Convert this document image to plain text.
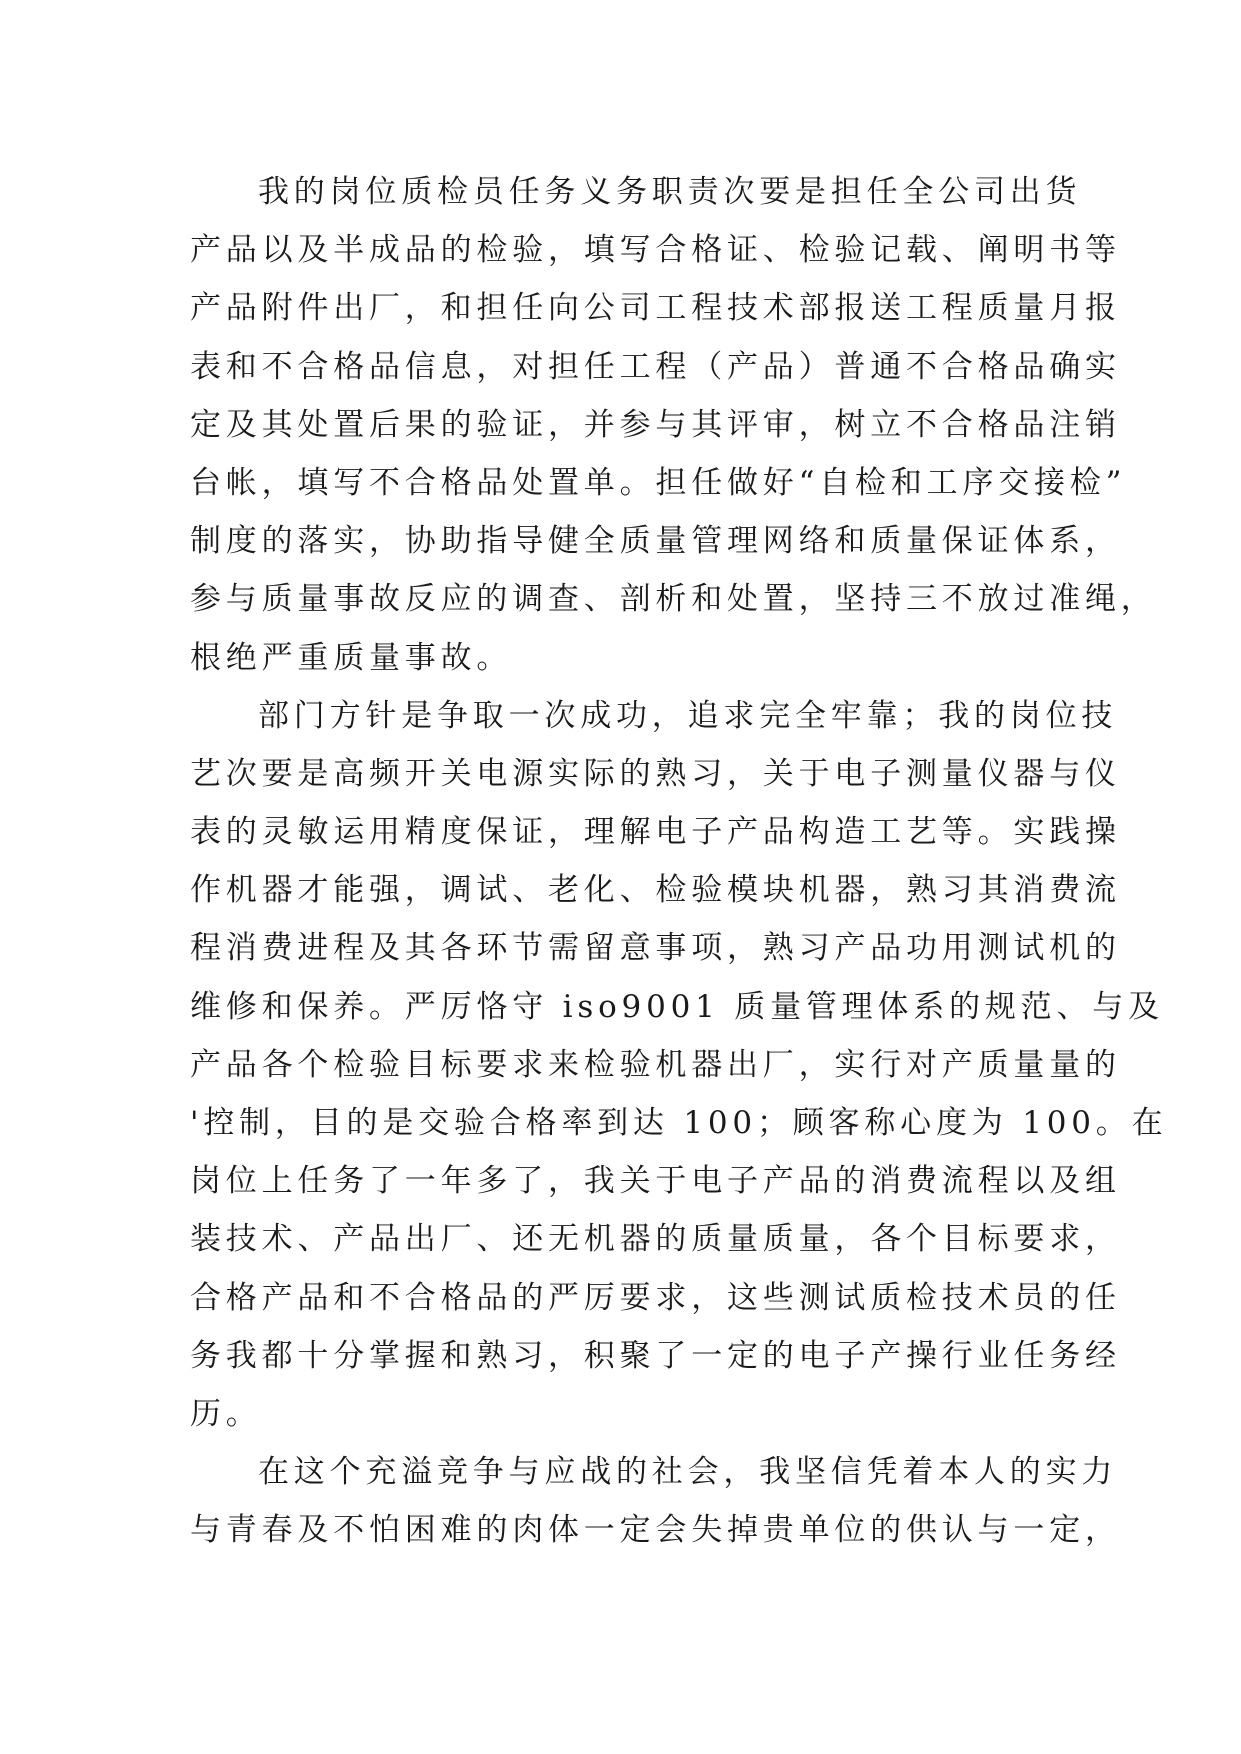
我的岗位质检员任务义务职责次要是担任全公司出货
产品以及半成品的检验，填写合格证、检验记载、阐明书等
产品附件出厂，和担任向公司工程技术部报送工程质量月报
表和不合格品信息，对担任工程（产品）普通不合格品确实
定及其处置后果的验证，并参与其评审，树立不合格品注销
台帐，填写不合格品处置单。担任做好“自检和工序交接检”
制度的落实，协助指导健全质量管理网络和质量保证体系，
参与质量事故反应的调查、剖析和处置，坚持三不放过准绳，
根绝严重质量事故。
部门方针是争取一次成功，追求完全牢靠；我的岗位技
艺次要是高频开关电源实际的熟习，关于电子测量仪器与仪
表的灵敏运用精度保证，理解电子产品构造工艺等。实践操
作机器才能强，调试、老化、检验模块机器，熟习其消费流
程消费进程及其各环节需留意事项，熟习产品功用测试机的
维修和保养。严厉恪守 iso9001 质量管理体系的规范、与及
产品各个检验目标要求来检验机器出厂，实行对产质量量的
'控制，目的是交验合格率到达 100；顾客称心度为 100。在
岗位上任务了一年多了，我关于电子产品的消费流程以及组
装技术、产品出厂、还无机器的质量质量，各个目标要求，
合格产品和不合格品的严厉要求，这些测试质检技术员的任
务我都十分掌握和熟习，积聚了一定的电子产操行业任务经
历。
在这个充溢竞争与应战的社会，我坚信凭着本人的实力
与青春及不怕困难的肉体一定会失掉贵单位的供认与一定，
